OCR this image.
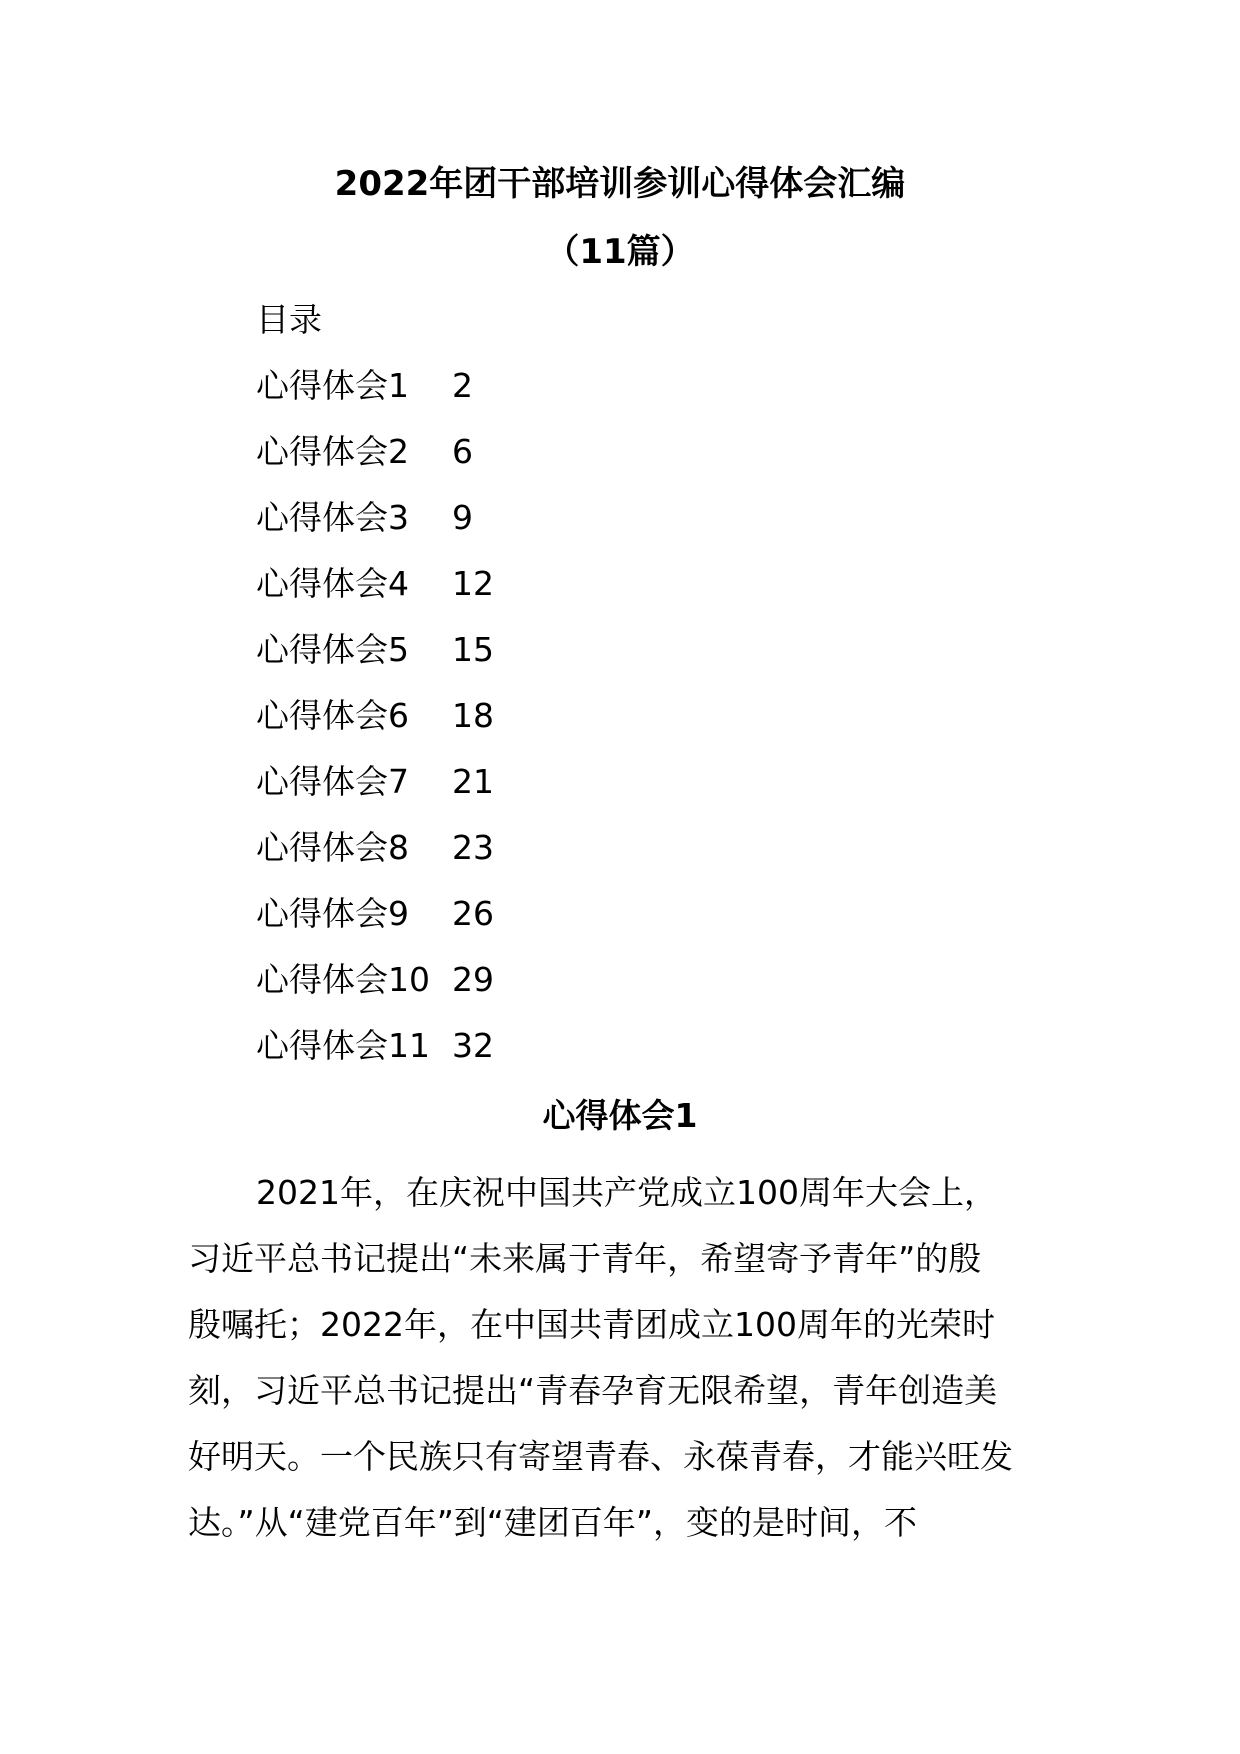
2022年团干部培训参训心得体会汇编
（11篇）

目录

心得体会1	2
心得体会2	6
心得体会3	9
心得体会4	12
心得体会5	15
心得体会6	18
心得体会7	21
心得体会8	23
心得体会9	26
心得体会10 29
心得体会11 32
心得体会1
2021年，在庆祝中国共产党成立100周年大会上，
习近平总书记提出“未来属于青年，希望寄予青年”的殷
殷嘱托；2022年，在中国共青团成立100周年的光荣时
刻，习近平总书记提出“青春孕育无限希望，青年创造美
好明天。一个民族只有寄望青春、永葆青春，才能兴旺发
达。”从“建党百年”到“建团百年”，变的是时间，不
